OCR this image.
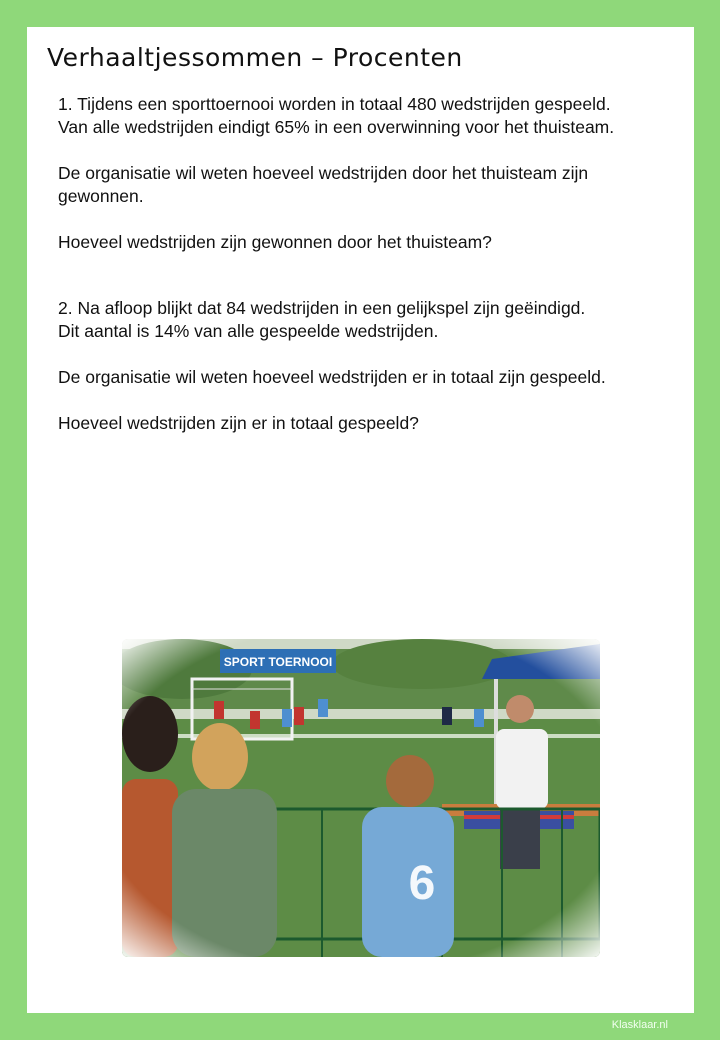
Verhaaltjessommen – Procenten

1. Tijdens een sporttoernooi worden in totaal 480 wedstrijden gespeeld.

Van alle wedstrijden eindigt 65% in een overwinning voor het thuisteam.

De organisatie wil weten hoeveel wedstrijden door het thuisteam zijn

gewonnen.

Hoeveel wedstrijden zijn gewonnen door het thuisteam?

2. Na afloop blijkt dat 84 wedstrijden in een gelijkspel zijn geëindigd.

Dit aantal is 14% van alle gespeelde wedstrijden.

De organisatie wil weten hoeveel wedstrijden er in totaal zijn gespeeld.

Hoeveel wedstrijden zijn er in totaal gespeeld?

Klasklaar.nl
